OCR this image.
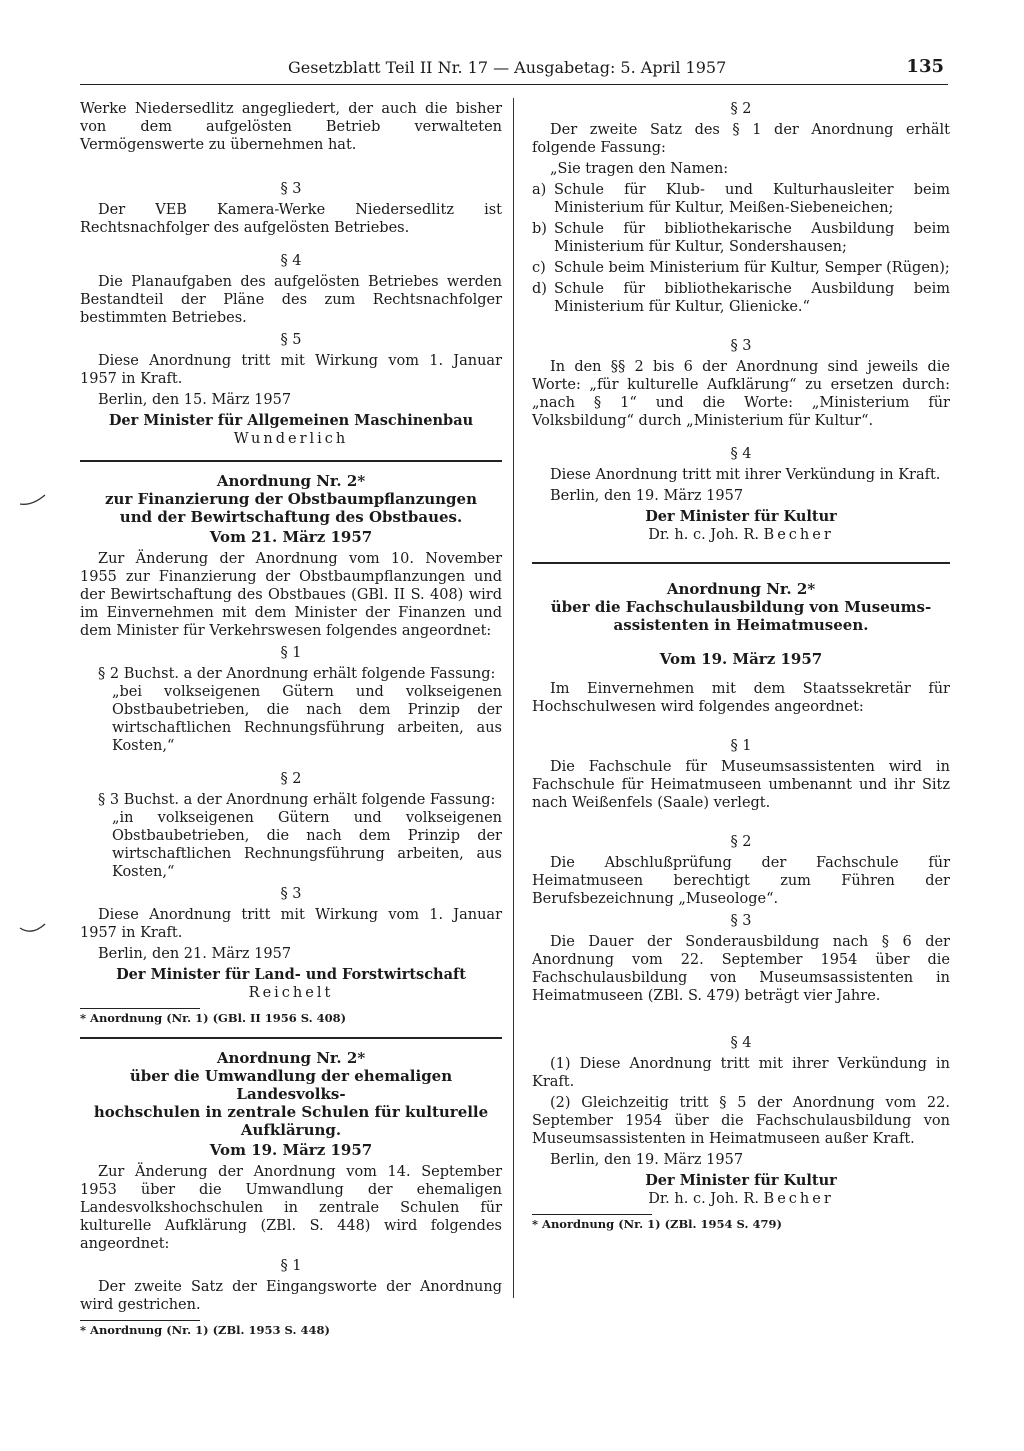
Gesetzblatt Teil II Nr. 17 — Ausgabetag: 5. April 1957	135

Werke Niedersedlitz angegliedert, der auch die bisher von dem aufgelösten Betrieb verwalteten Vermögenswerte zu übernehmen hat.

§ 3

Der VEB Kamera-Werke Niedersedlitz ist Rechtsnachfolger des aufgelösten Betriebes.

§ 4

Die Planaufgaben des aufgelösten Betriebes werden Bestandteil der Pläne des zum Rechtsnachfolger bestimmten Betriebes.

§ 5

Diese Anordnung tritt mit Wirkung vom 1. Januar 1957 in Kraft.

Berlin, den 15. März 1957

Der Minister für Allgemeinen Maschinenbau
Wunderlich
Anordnung Nr. 2*
zur Finanzierung der Obstbaumpflanzungen
und der Bewirtschaftung des Obstbaues.
Vom 21. März 1957

Zur Änderung der Anordnung vom 10. November 1955 zur Finanzierung der Obstbaumpflanzungen und der Bewirtschaftung des Obstbaues (GBl. II S. 408) wird im Einvernehmen mit dem Minister der Finanzen und dem Minister für Verkehrswesen folgendes angeordnet:

§ 1

§ 2 Buchst. a der Anordnung erhält folgende Fassung:

„bei volkseigenen Gütern und volkseigenen Obstbaubetrieben, die nach dem Prinzip der wirtschaftlichen Rechnungsführung arbeiten, aus Kosten,“

§ 2

§ 3 Buchst. a der Anordnung erhält folgende Fassung:

„in volkseigenen Gütern und volkseigenen Obstbaubetrieben, die nach dem Prinzip der wirtschaftlichen Rechnungsführung arbeiten, aus Kosten,“

§ 3

Diese Anordnung tritt mit Wirkung vom 1. Januar 1957 in Kraft.

Berlin, den 21. März 1957

Der Minister für Land- und Forstwirtschaft
Reichelt
* Anordnung (Nr. 1) (GBl. II 1956 S. 408)
Anordnung Nr. 2*
über die Umwandlung der ehemaligen Landesvolks-
hochschulen in zentrale Schulen für kulturelle
Aufklärung.
Vom 19. März 1957

Zur Änderung der Anordnung vom 14. September 1953 über die Umwandlung der ehemaligen Landesvolkshochschulen in zentrale Schulen für kulturelle Aufklärung (ZBl. S. 448) wird folgendes angeordnet:

§ 1

Der zweite Satz der Eingangsworte der Anordnung wird gestrichen.

* Anordnung (Nr. 1) (ZBl. 1953 S. 448)
§ 2

Der zweite Satz des § 1 der Anordnung erhält folgende Fassung:

„Sie tragen den Namen:

a) Schule für Klub- und Kulturhausleiter beim Ministerium für Kultur, Meißen-Siebeneichen;
b) Schule für bibliothekarische Ausbildung beim Ministerium für Kultur, Sondershausen;
c) Schule beim Ministerium für Kultur, Semper (Rügen);
d) Schule für bibliothekarische Ausbildung beim Ministerium für Kultur, Glienicke.“
§ 3

In den §§ 2 bis 6 der Anordnung sind jeweils die Worte: „für kulturelle Aufklärung“ zu ersetzen durch: „nach § 1“ und die Worte: „Ministerium für Volksbildung“ durch „Ministerium für Kultur“.

§ 4

Diese Anordnung tritt mit ihrer Verkündung in Kraft.

Berlin, den 19. März 1957

Der Minister für Kultur
Dr. h. c. Joh. R. Becher
Anordnung Nr. 2*
über die Fachschulausbildung von Museums-
assistenten in Heimatmuseen.
Vom 19. März 1957

Im Einvernehmen mit dem Staatssekretär für Hochschulwesen wird folgendes angeordnet:

§ 1

Die Fachschule für Museumsassistenten wird in Fachschule für Heimatmuseen umbenannt und ihr Sitz nach Weißenfels (Saale) verlegt.

§ 2

Die Abschlußprüfung der Fachschule für Heimatmuseen berechtigt zum Führen der Berufsbezeichnung „Museologe“.

§ 3

Die Dauer der Sonderausbildung nach § 6 der Anordnung vom 22. September 1954 über die Fachschulausbildung von Museumsassistenten in Heimatmuseen (ZBl. S. 479) beträgt vier Jahre.

§ 4

(1) Diese Anordnung tritt mit ihrer Verkündung in Kraft.

(2) Gleichzeitig tritt § 5 der Anordnung vom 22. September 1954 über die Fachschulausbildung von Museumsassistenten in Heimatmuseen außer Kraft.

Berlin, den 19. März 1957

Der Minister für Kultur
Dr. h. c. Joh. R. Becher
* Anordnung (Nr. 1) (ZBl. 1954 S. 479)
